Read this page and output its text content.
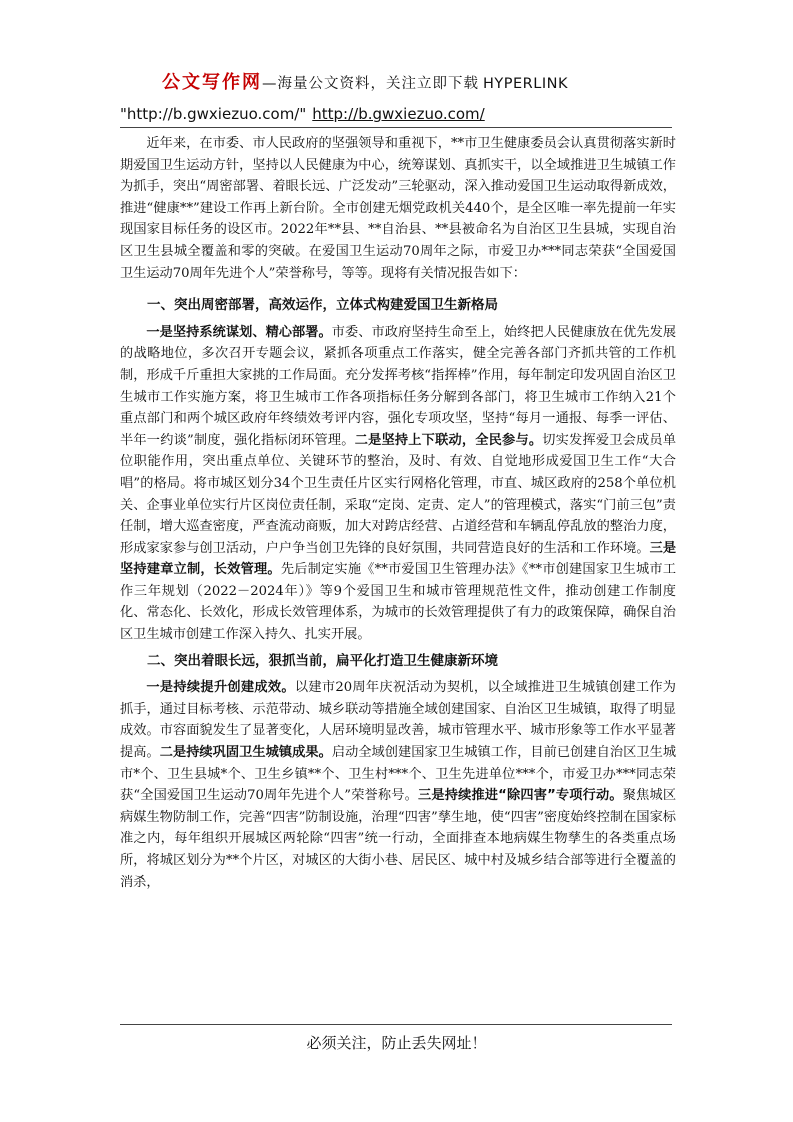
公文写作网—海量公文资料，关注立即下载 HYPERLINK
"http://b.gwxiezuo.com/" http://b.gwxiezuo.com/

近年来，在市委、市人民政府的坚强领导和重视下，**市卫生健康委员会认真贯彻落实新时期爱国卫生运动方针，坚持以人民健康为中心，统筹谋划、真抓实干，以全域推进卫生城镇工作为抓手，突出“周密部署、着眼长远、广泛发动”三轮驱动，深入推动爱国卫生运动取得新成效，推进“健康**”建设工作再上新台阶。全市创建无烟党政机关440个，是全区唯一率先提前一年实现国家目标任务的设区市。2022年**县、**自治县、**县被命名为自治区卫生县城，实现自治区卫生县城全覆盖和零的突破。在爱国卫生运动70周年之际，市爱卫办***同志荣获“全国爱国卫生运动70周年先进个人”荣誉称号，等等。现将有关情况报告如下：

一、突出周密部署，高效运作，立体式构建爱国卫生新格局

一是坚持系统谋划、精心部署。市委、市政府坚持生命至上，始终把人民健康放在优先发展的战略地位，多次召开专题会议，紧抓各项重点工作落实，健全完善各部门齐抓共管的工作机制，形成千斤重担大家挑的工作局面。充分发挥考核“指挥棒”作用，每年制定印发巩固自治区卫生城市工作实施方案，将卫生城市工作各项指标任务分解到各部门，将卫生城市工作纳入21个重点部门和两个城区政府年终绩效考评内容，强化专项攻坚，坚持“每月一通报、每季一评估、半年一约谈”制度，强化指标闭环管理。二是坚持上下联动，全民参与。切实发挥爱卫会成员单位职能作用，突出重点单位、关键环节的整治，及时、有效、自觉地形成爱国卫生工作“大合唱”的格局。将市城区划分34个卫生责任片区实行网格化管理，市直、城区政府的258个单位机关、企事业单位实行片区岗位责任制，采取“定岗、定责、定人”的管理模式，落实“门前三包”责任制，增大巡查密度，严查流动商贩，加大对跨店经营、占道经营和车辆乱停乱放的整治力度，形成家家参与创卫活动，户户争当创卫先锋的良好氛围，共同营造良好的生活和工作环境。三是坚持建章立制，长效管理。先后制定实施《**市爱国卫生管理办法》《**市创建国家卫生城市工作三年规划（2022－2024年）》等9个爱国卫生和城市管理规范性文件，推动创建工作制度化、常态化、长效化，形成长效管理体系，为城市的长效管理提供了有力的政策保障，确保自治区卫生城市创建工作深入持久、扎实开展。

二、突出着眼长远，狠抓当前，扁平化打造卫生健康新环境

一是持续提升创建成效。以建市20周年庆祝活动为契机，以全域推进卫生城镇创建工作为抓手，通过目标考核、示范带动、城乡联动等措施全域创建国家、自治区卫生城镇，取得了明显成效。市容面貌发生了显著变化，人居环境明显改善，城市管理水平、城市形象等工作水平显著提高。二是持续巩固卫生城镇成果。启动全域创建国家卫生城镇工作，目前已创建自治区卫生城市*个、卫生县城*个、卫生乡镇**个、卫生村***个、卫生先进单位***个，市爱卫办***同志荣获“全国爱国卫生运动70周年先进个人”荣誉称号。三是持续推进“除四害”专项行动。聚焦城区病媒生物防制工作，完善“四害”防制设施，治理“四害”孳生地，使“四害”密度始终控制在国家标准之内，每年组织开展城区两轮除“四害”统一行动，全面排查本地病媒生物孳生的各类重点场所，将城区划分为**个片区，对城区的大街小巷、居民区、城中村及城乡结合部等进行全覆盖的消杀，

必须关注，防止丢失网址！
